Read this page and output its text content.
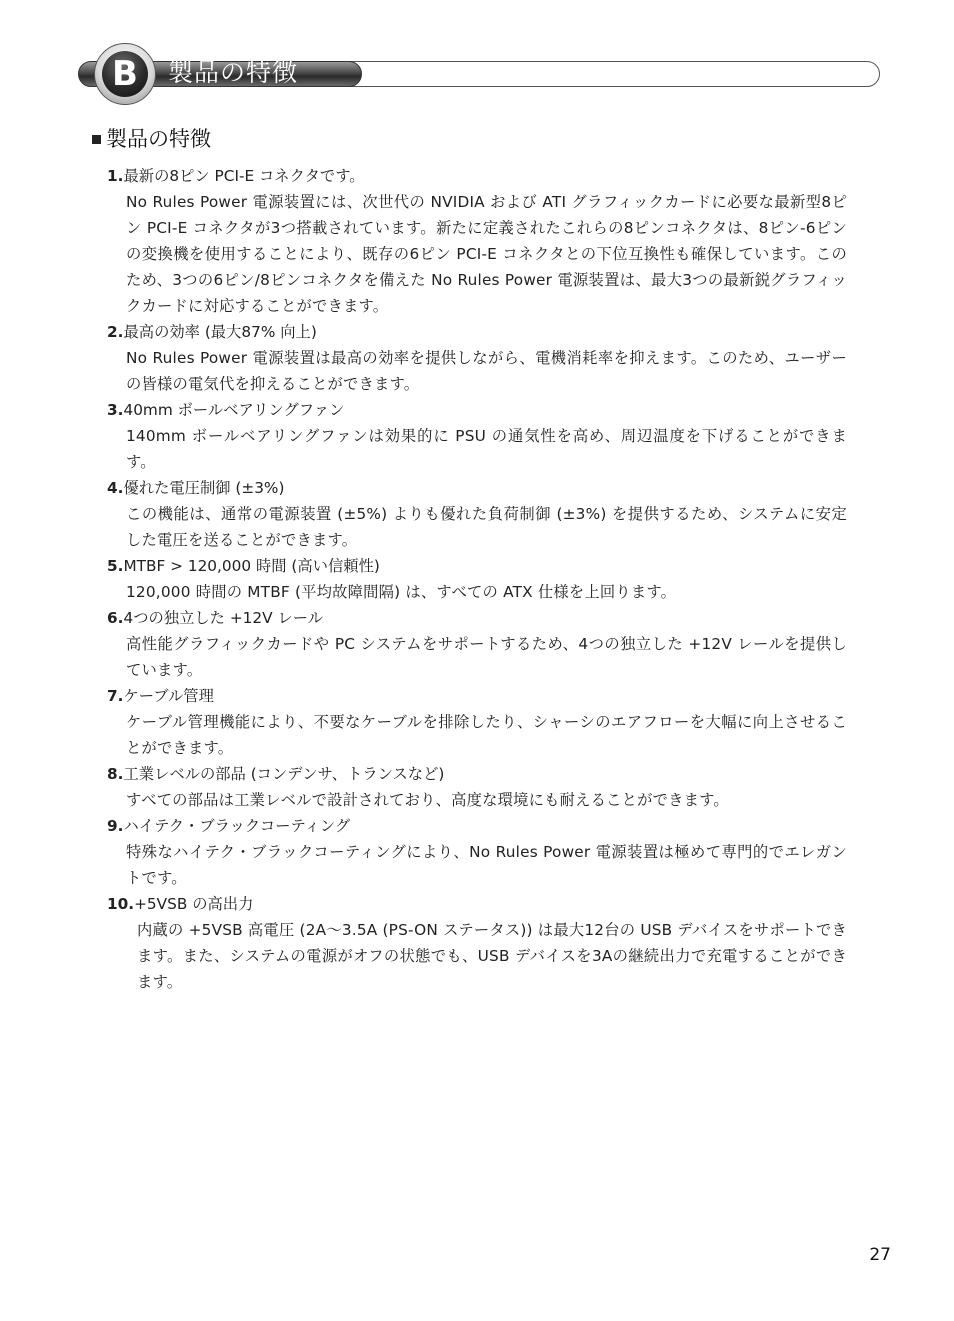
製品の特徴
B
製品の特徴
1.最新の8ピン PCI-E コネクタです。
No Rules Power 電源装置には、次世代の NVIDIA および ATI グラフィックカードに必要な最新型8ピン PCI-E コネクタが3つ搭載されています。新たに定義されたこれらの8ピンコネクタは、8ピン-6ピンの変換機を使用することにより、既存の6ピン PCI-E コネクタとの下位互換性も確保しています。このため、3つの6ピン/8ピンコネクタを備えた No Rules Power 電源装置は、最大3つの最新鋭グラフィックカードに対応することができます。
2.最高の効率 (最大87% 向上)
No Rules Power 電源装置は最高の効率を提供しながら、電機消耗率を抑えます。このため、ユーザーの皆様の電気代を抑えることができます。
3.40mm ボールベアリングファン
140mm ボールベアリングファンは効果的に PSU の通気性を高め、周辺温度を下げることができます。
4.優れた電圧制御 (±3%)
この機能は、通常の電源装置 (±5%) よりも優れた負荷制御 (±3%) を提供するため、システムに安定した電圧を送ることができます。
5.MTBF > 120,000 時間 (高い信頼性)
120,000 時間の MTBF (平均故障間隔) は、すべての ATX 仕様を上回ります。
6.4つの独立した +12V レール
高性能グラフィックカードや PC システムをサポートするため、4つの独立した +12V レールを提供しています。
7.ケーブル管理
ケーブル管理機能により、不要なケーブルを排除したり、シャーシのエアフローを大幅に向上させることができます。
8.工業レベルの部品 (コンデンサ、トランスなど)
すべての部品は工業レベルで設計されており、高度な環境にも耐えることができます。
9.ハイテク・ブラックコーティング
特殊なハイテク・ブラックコーティングにより、No Rules Power 電源装置は極めて専門的でエレガントです。
10.+5VSB の高出力
内蔵の +5VSB 高電圧 (2A～3.5A (PS-ON ステータス)) は最大12台の USB デバイスをサポートできます。また、システムの電源がオフの状態でも、USB デバイスを3Aの継続出力で充電することができます。
27
